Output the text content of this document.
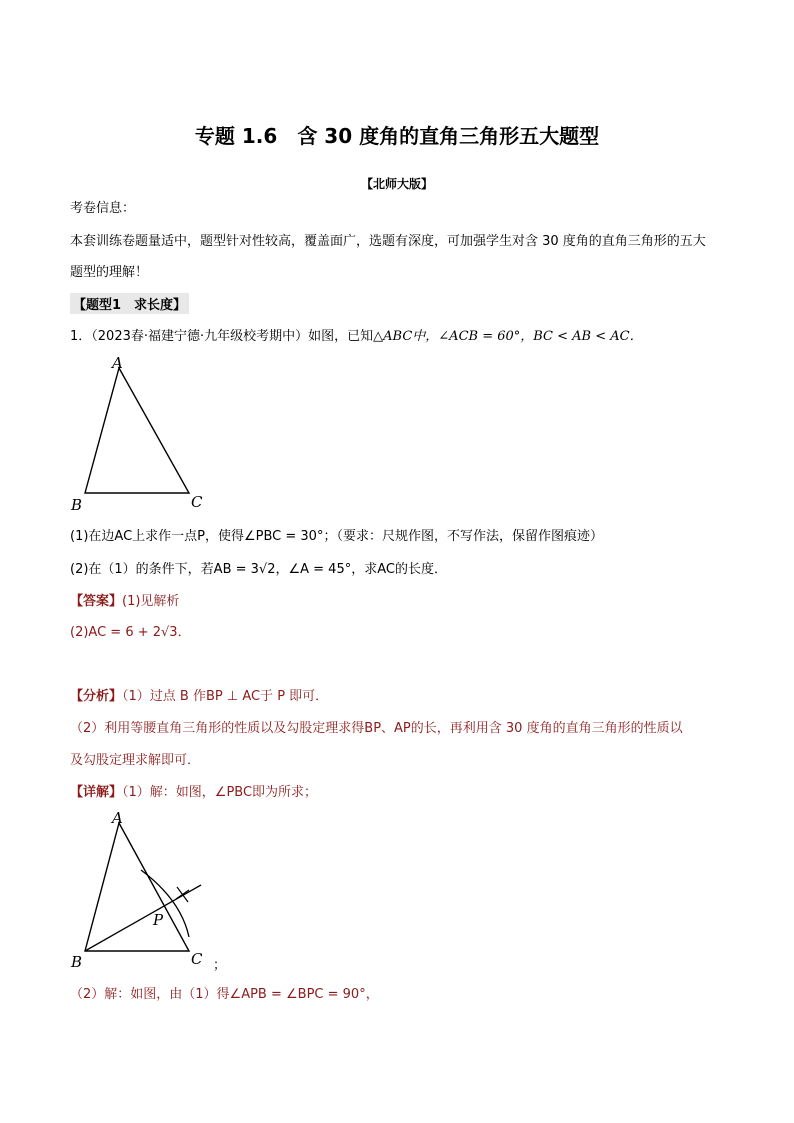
专题 1.6　含 30 度角的直角三角形五大题型
【北师大版】
考卷信息：
本套训练卷题量适中，题型针对性较高，覆盖面广，选题有深度，可加强学生对含 30 度角的直角三角形的五大
题型的理解！
【题型1　求长度】
1．（2023春·福建宁德·九年级校考期中）如图，已知△ABC中，∠ACB = 60°，BC < AB < AC．
A
B	C
(1)在边AC上求作一点P，使得∠PBC = 30°；（要求：尺规作图，不写作法，保留作图痕迹）
(2)在（1）的条件下，若AB = 3√2，∠A = 45°，求AC的长度．
【答案】(1)见解析
(2)AC = 6 + 2√3．
【分析】（1）过点 B 作BP ⊥ AC于 P 即可．
（2）利用等腰直角三角形的性质以及勾股定理求得BP、AP的长，再利用含 30 度角的直角三角形的性质以
及勾股定理求解即可．
【详解】（1）解：如图，∠PBC即为所求；
A
B	C
P
；
（2）解：如图，由（1）得∠APB = ∠BPC = 90°，
